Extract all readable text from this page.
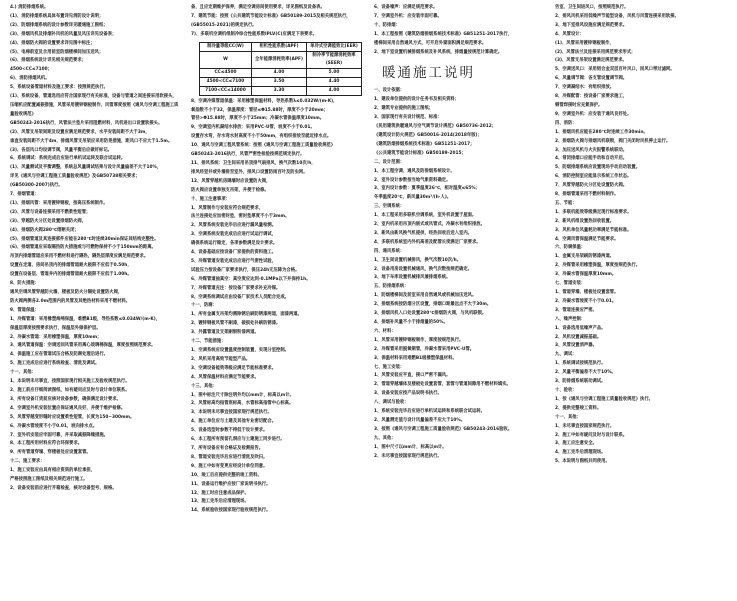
4.) 消防排烟系统。

(1)、消防排烟系统具体布置详见消防设计说明；

(2)、防烟排烟系统的设计参数详见暖通施工图纸；

(3)、排烟风机及排烟补风机的风量及风压详见设备表；

(4)、排烟防火阀的设置要求详见图中标注；

(5)、电梯前室及合用前室防烟楼梯间加压送风；

(6)、排烟系统设计详见相关规范要求；

4500<CC≤7100；

6)、消防排烟风机。

5、系统设备管道材料及施工要求：按照规范执行。

(1)、系统设备、管道选用应符合国家现行有关标准，设备与管道之间连接采用软接头，

压缩机应配置减振措施，风管采用镀锌钢板制作，风管厚度按照《通风与空调工程施工质量验收规范》

GB50243-2016执行，风管法兰垫片采用阻燃材料，风机进出口设置软接头。

(2)、风管支吊架间距及设置应满足规范要求，水平安装间距不大于3m，

垂直安装间距不大于4m，排烟风管支吊架应采用防晃措施，距风口不应大于1.5m。

(3)、各层风口均设调节阀，风量平衡后应做好标记。

6、系统调试：系统完成后应进行单机试运转及联合试运转。

(1)、风量测试及平衡调整，系统总风量调试结果与设计风量偏差不大于10%，

详见《通风与空调工程施工质量验收规范》及GB50738相关要求；

(GB50300-2007)执行。

7、排烟管道：

(1)、排烟风管：采用镀锌钢板，按高压系统制作。

(2)、风管与设备连接采用不燃柔性短管；

(3)、穿越防火分区处设置排烟防火阀，

(4)、排烟防火阀280℃熔断关闭；

(5)、排烟管道及其连接部件应能在280℃时连续30min保证其结构完整性。

(6)、排烟管道应采取隔热防火措施或与可燃物保持不小于150mm的距离。

吊顶内排烟管道应采用不燃材料进行隔热，隔热层厚度应满足规范要求。

设置在走道、房间吊顶内的排烟管道耐火极限不应低于0.50h，

设置在设备层、管道井内的排烟管道耐火极限不应低于1.00h。

8、防火措施：

通风空调风管穿越防火墙、楼板及防火分隔处设置防火阀，

防火阀两侧各2.0m范围内的风管及其绝热材料采用不燃材料。

9、管道保温：

1、冷媒管道：采用橡塑海绵保温，难燃B1级，导热系数≤0.034W/(m·K)，

保温层厚度按照要求执行，保温层外做保护层。

2、冷凝水管道：采用橡塑保温，厚度10mm；

3、通风管道保温：空调送回风管采用离心玻璃棉保温，厚度按照规范要求。

4、保温施工应在管道试压合格及防腐处理后进行。

5、施工完成后应进行系统检查、清洗及调试。

十一、其他：

1、本说明未尽事宜，按照国家现行相关施工及验收规范执行。

2、施工前应仔细阅读图纸，如有疑问应及时与设计单位联系。

3、所有设备订货前应核对设备参数，确保满足设计要求。

4、空调室外机安装位置应保证通风良好，并便于维护检修。

5、风管穿越变形缝时应设置柔性短管，长度为150~300mm。

6、冷凝水管坡度不小于0.01，坡向排水点。

7、室外机安装应牢固可靠，并采取减振降噪措施。

8、本工程所用材料应符合环保要求。

9、所有管道穿墙、穿楼板处应设置套管。

十二、施工要求：

1、施工安装应由具有相应资质的单位承担，

严格按照施工图纸及相关规范进行施工。

2、设备安装前应进行开箱检查，核对设备型号、规格。

备，且应定期维护保养，满足空调房间使用要求，详见图纸及设备表。

7、建筑节能：按照《公共建筑节能设计标准》GB50189-2015及相关规范执行，

(GB55015-2021)的规定执行。

7)、多联机空调机组制冷综合性能系数IPLV(C)应满足下表要求。

制冷量等级CC(W)	柜机性能系数(APF)	单冷式空调能效比(EER)
W	全年能源消耗效率(APF)	制冷季节能源消耗效率(SEER)
CC≤4500	4.00	5.00
4500<CC≤7100	3.50	4.40
7100<CC≤14000	3.30	4.00

8、空调冷媒管道保温：采用橡塑保温材料，导热系数λ≤0.032W/(m·K)，

氧指数不小于32，保温厚度：管径≤Φ15.88时，厚度不小于20mm；

管径>Φ15.88时，厚度不小于25mm；冷凝水管保温厚度10mm。

9、空调室内机凝结水排放：采用PVC-U管，坡度不小于0.01。

设置存水弯，存水弯水封高度不小于50mm，有组织排放至就近排水点。

10、通风与空调工程风管系统：按照《通风与空调工程施工质量验收规范》

GB50243-2016执行，风管严密性检验按规范规定执行。

11、排风系统：卫生间采用吊顶排气扇排风，换气次数10次/h，

排风经竖井或外墙排至室外，排风口设置防雨百叶及防虫网。

12、风管穿越机房隔墙时应设置防火阀，

防火阀应设置单独支吊架，并便于检修。

十、施工注意事项：

1、风管制作与安装应符合规范要求，

法兰连接处应加密封垫，密封垫厚度不小于3mm。

2、风管系统安装完毕后应进行漏风量检测。

3、空调系统安装完成后应进行试运行调试，

确保系统运行稳定，各项参数满足设计要求。

4、设备基础应按设备厂家提供的资料施工。

5、冷媒管道安装完成后应进行气密性试验，

试验压力按设备厂家要求执行，保压24h无压降为合格。

6、冷媒管道抽真空：真空度应达到-0.1MPa以下并保持1h。

7、冷媒管道充注：按设备厂家要求补充冷媒。

8、空调系统调试应由设备厂家技术人员配合完成。

十一、防腐：

1、所有金属支吊架均需除锈后刷防锈漆两道，面漆两道。

2、镀锌钢板风管不刷漆，破损处补刷防锈漆。

3、外露管道及支架刷银粉漆两道。

十二、节能措施：

1、空调系统应设置温度控制装置，实现分室控制。

2、风机采用高效节能型产品。

3、空调设备能效等级应满足节能标准要求。

4、风管保温材料应满足节能要求。

十三、其他：

1、图中标注尺寸除注明外均以mm计，标高以m计。

2、风管标高均指管底标高，水管标高指管中心标高。

3、本说明未尽事宜按国家现行规范执行。

4、施工单位应与土建及其他专业密切配合。

5、设备选型时参数不得低于设计要求。

6、本工程所有预留孔洞应与土建施工同步进行。

7、所有设备应有合格证及检测报告。

8、管道安装完毕后应进行清洗及吹扫。

9、施工中如有变更应经设计单位同意。

10、竣工后应提供完整的竣工资料。

11、设备运行维护应按厂家说明书执行。

12、施工时应注意成品保护。

13、施工完毕后应清理现场。

14、系统验收按国家现行验收规范执行。

6、设备噪声：应满足规范要求。

7、空调室外机：应安装牢固可靠。

十、防排烟：

1、本工程按照《建筑防烟排烟系统技术标准》GB51251-2017执行，

楼梯间采用自然通风方式，可开启外窗面积满足规范要求。

2、地下室设置机械排烟系统及补风系统，排烟量按规范计算确定。

暖通施工说明

一、设计依据：

1、建设单位提供的设计任务书及相关资料；

2、建筑专业提供的施工图纸；

3、国家现行有关设计规范、标准：

《民用建筑供暖通风与空气调节设计规范》GB50736-2012；

《建筑设计防火规范》GB50016-2014(2018年版)；

《建筑防烟排烟系统技术标准》GB51251-2017；

《公共建筑节能设计标准》GB50189-2015；

二、设计范围：

1、本工程空调、通风及防排烟系统设计。

2、室外设计参数按当地气象资料确定。

3、室内设计参数：夏季温度26℃，相对湿度≤65%；

冬季温度20℃，新风量30m³/(h·人)。

三、空调系统：

1、本工程采用多联机空调系统，室外机设置于屋面。

2、室内机采用吊顶内嵌式或风管式，冷凝水有组织排放。

3、新风由新风换气机提供，经热回收后送入室内。

4、多联机系统室内外机高差及配管长度满足厂家要求。

四、通风系统：

1、卫生间设置机械排风，换气次数10次/h。

2、设备用房设置机械通风，换气次数按规范确定。

3、地下车库设置机械排风兼排烟系统。

五、防排烟系统：

1、防烟楼梯间及前室采用自然通风或机械加压送风。

2、排烟系统按防烟分区设置，排烟口距最远点不大于30m。

3、排烟风机入口处设置280℃排烟防火阀，与风机联锁。

4、排烟补风量不小于排烟量的50%。

六、材料：

1、风管采用镀锌钢板制作，厚度按规范执行。

2、冷媒管采用脱氧铜管，冷凝水管采用PVC-U管。

3、保温材料采用难燃B1级橡塑保温材料。

七、施工安装：

1、风管安装应平直，接口严密不漏风。

2、管道穿越墙体及楼板处设置套管，套管与管道间隙用不燃材料填实。

3、设备安装应按产品说明书执行。

八、调试与验收：

1、系统安装完毕后应进行单机试运转和系统联合试运转。

2、风量测定值与设计风量偏差不应大于10%。

3、按照《通风与空调工程施工质量验收规范》GB50243-2016验收。

九、其他：

1、图中尺寸以mm计，标高以m计。

2、未尽事宜按国家现行规范执行。

告室、卫生间进风口，按照规范执行。

2、排风风机采用低噪声节能型设备，风机与风管连接采用软接。

3、地下室排风设施应满足规范要求。

4、风管设计：

(1)、风管采用镀锌钢板制作，

(2)、风管法兰及连接采用规范要求形式；

(3)、风管支吊架设置满足规范要求。

5、空调送风口：采用铝合金双层百叶风口，回风口带过滤网。

6、风量调节阀：各支管设置调节阀。

7、空调凝结水：有组织排放。

8、冷媒配管：按设备厂家要求施工，

铜管焊接时应充氮保护。

9、空调室外机：应安装于通风良好处。

四、消防：

1、排烟风机应能在280℃时连续工作30min。

2、排烟防火阀与排烟风机联锁，阀门关闭时风机停止运行。

3、加压送风机与火灾报警系统联动。

4、常闭排烟口应能手动和自动开启。

5、防烟排烟系统应设置现场手动启动装置。

6、消防控制室应能显示系统工作状态。

7、风管穿越防火分区处设置防火阀。

8、排烟管道采用不燃材料制作。

五、节能：

1、多联机能效等级满足现行标准要求。

2、新风机组设置热回收装置。

3、风机单位风量耗功率满足节能标准。

4、空调风管保温满足节能要求。

六、防腐保温：

1、金属支吊架刷防锈漆两道。

2、冷媒管采用橡塑保温，厚度按规范执行。

3、冷凝水管保温厚度10mm。

七、管道安装：

1、管道穿墙、楼板处设置套管。

2、冷凝水管坡度不小于0.01。

3、管道连接应严密。

八、噪声控制：

1、设备选用低噪声产品。

2、风机设置减振基础。

3、风管设置消声器。

九、调试：

1、系统调试按规范执行。

2、风量平衡偏差不大于10%。

3、防排烟系统联动调试。

十、验收：

1、按《通风与空调工程施工质量验收规范》执行。

2、提供完整竣工资料。

十一、其他：

1、未尽事宜按国家规范执行。

2、施工中如有疑问及时与设计联系。

3、施工应注意安全。

4、施工完毕后清理现场。

5、本说明与图纸共同使用。
